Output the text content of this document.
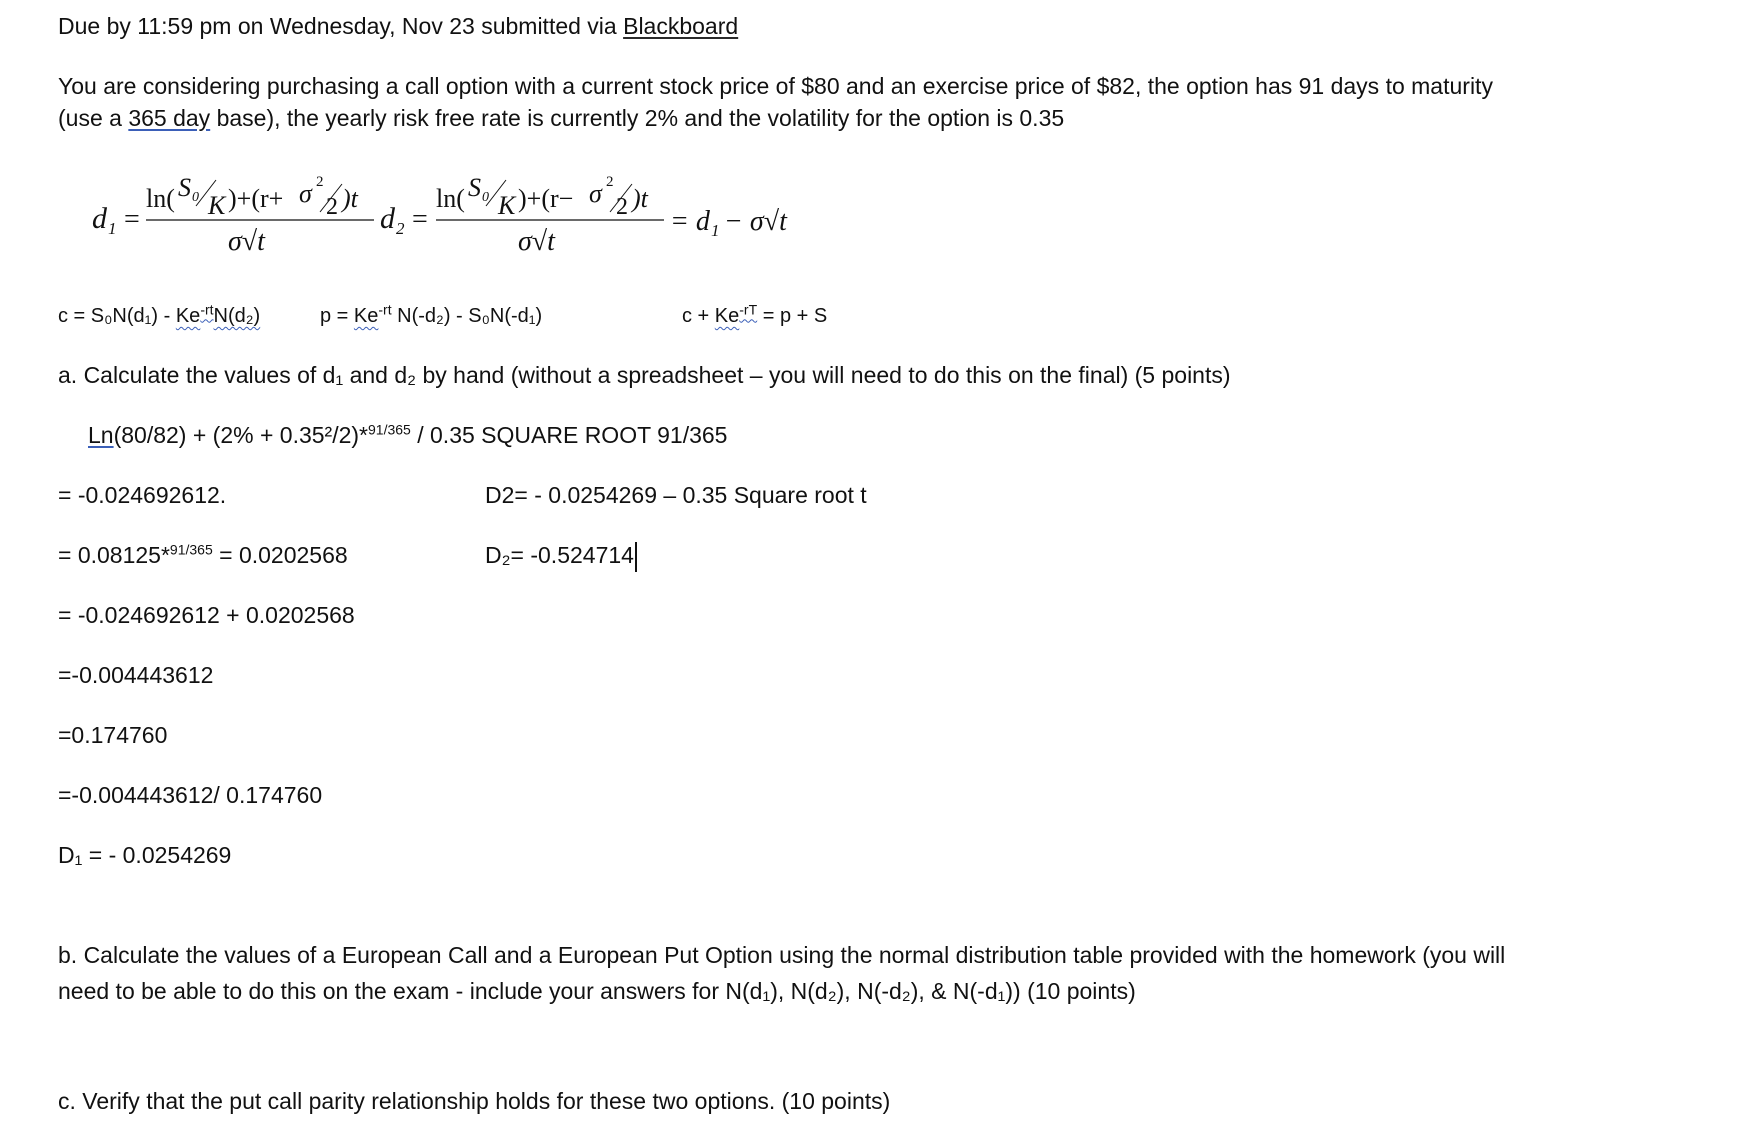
Due by 11:59 pm on Wednesday, Nov 23 submitted via Blackboard
You are considering purchasing a call option with a current stock price of $80 and an exercise price of $82, the option has 91 days to maturity
(use a 365 day base), the yearly risk free rate is currently 2% and the volatility for the option is 0.35
d 1 =
ln( S 0 K )+(r+ σ 2
2 )t
σ√t
d 2 =
ln( S 0 K )+(r− σ 2
2 )t
σ√t
= d 1 − σ√t
$c = S_0N(d_1) - Ke^{-rt}N(d_2)$	$p = Ke^{-rt}$ N(-d₂) - S₀N(-d₁)	$c + Ke^{-rT} = p + S$
a. Calculate the values of d₁ and d₂ by hand (without a spreadsheet – you will need to do this on the final) (5 points)
Ln(80/82) + (2% + 0.35²/2)*$^{91/365}$ / 0.35 SQUARE ROOT 91/365
= -0.024692612.	D2= - 0.0254269 – 0.35 Square root t
= 0.08125*$^{91/365}$ = 0.0202568	D₂= -0.524714
= -0.024692612 + 0.0202568
=-0.004443612
=0.174760
=-0.004443612/ 0.174760
D₁ = - 0.0254269
b. Calculate the values of a European Call and a European Put Option using the normal distribution table provided with the homework (you will
need to be able to do this on the exam - include your answers for N(d₁), N(d₂), N(-d₂), & N(-d₁)) (10 points)
c. Verify that the put call parity relationship holds for these two options. (10 points)
